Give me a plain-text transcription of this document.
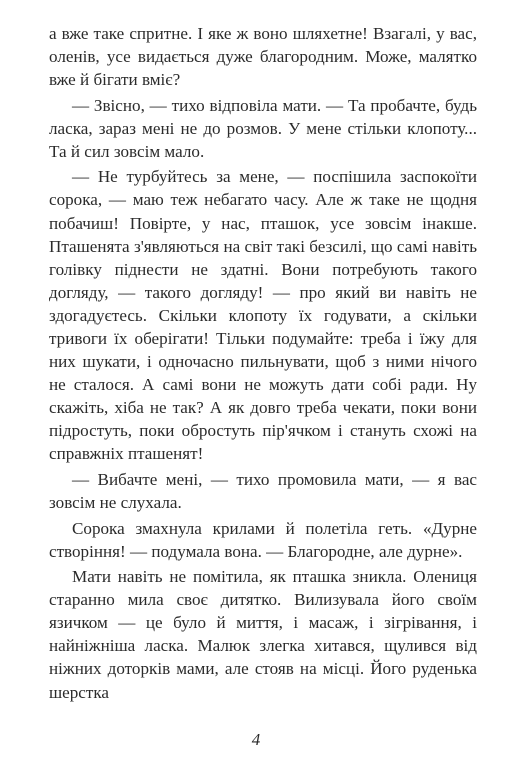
а вже таке спритне. І яке ж воно шляхетне! Взагалі, у вас, оленів, усе видається дуже благородним. Може, малятко вже й бігати вміє?

— Звісно, — тихо відповіла мати. — Та пробачте, будь ласка, зараз мені не до розмов. У мене стільки клопоту... Та й сил зовсім мало.

— Не турбуйтесь за мене, — поспішила заспокоїти сорока, — маю теж небагато часу. Але ж таке не щодня побачиш! Повірте, у нас, пташок, усе зовсім інакше. Пташенята з'являються на світ такі безсилі, що самі навіть голівку піднести не здатні. Вони потребують такого догляду, — такого догляду! — про який ви навіть не здогадуєтесь. Скільки клопоту їх годувати, а скільки тривоги їх оберігати! Тільки подумайте: треба і їжу для них шукати, і одночасно пильнувати, щоб з ними нічого не сталося. А самі вони не можуть дати собі ради. Ну скажіть, хіба не так? А як довго треба чекати, поки вони підростуть, поки обростуть пір'ячком і стануть схожі на справжніх пташенят!

— Вибачте мені, — тихо промовила мати, — я вас зовсім не слухала.

Сорока змахнула крилами й полетіла геть. «Дурне створіння! — подумала вона. — Благородне, але дурне».

Мати навіть не помітила, як пташка зникла. Олениця старанно мила своє дитятко. Вилизувала його своїм язичком — це було й миття, і масаж, і зігрівання, і найніжніша ласка. Малюк злегка хитався, щулився від ніжних доторків мами, але стояв на місці. Його руденька шерстка

4
